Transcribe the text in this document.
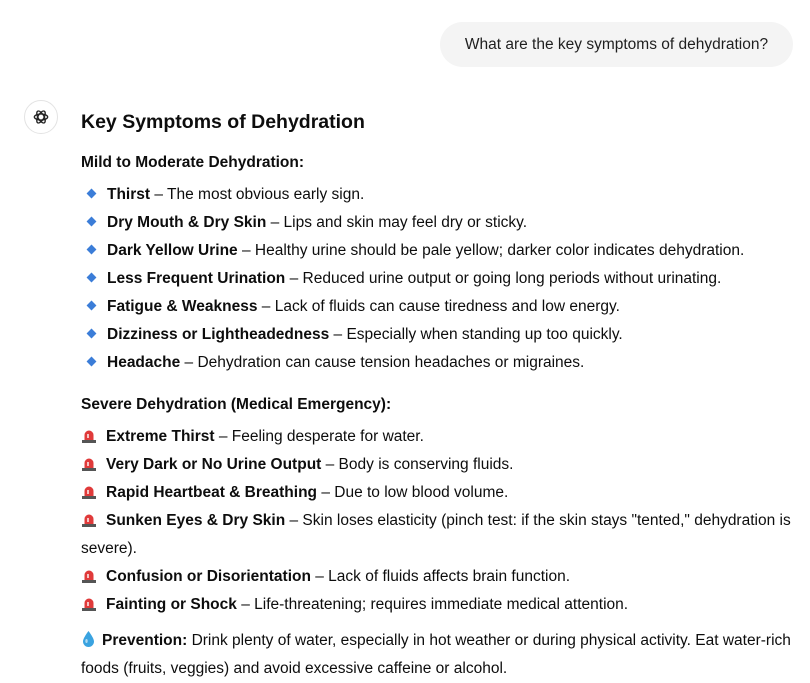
What are the key symptoms of dehydration?
Key Symptoms of Dehydration
Mild to Moderate Dehydration:
Thirst – The most obvious early sign.
Dry Mouth & Dry Skin – Lips and skin may feel dry or sticky.
Dark Yellow Urine – Healthy urine should be pale yellow; darker color indicates dehydration.
Less Frequent Urination – Reduced urine output or going long periods without urinating.
Fatigue & Weakness – Lack of fluids can cause tiredness and low energy.
Dizziness or Lightheadedness – Especially when standing up too quickly.
Headache – Dehydration can cause tension headaches or migraines.
Severe Dehydration (Medical Emergency):
Extreme Thirst – Feeling desperate for water.
Very Dark or No Urine Output – Body is conserving fluids.
Rapid Heartbeat & Breathing – Due to low blood volume.
Sunken Eyes & Dry Skin – Skin loses elasticity (pinch test: if the skin stays "tented," dehydration is severe).
Confusion or Disorientation – Lack of fluids affects brain function.
Fainting or Shock – Life-threatening; requires immediate medical attention.
Prevention: Drink plenty of water, especially in hot weather or during physical activity. Eat water-rich foods (fruits, veggies) and avoid excessive caffeine or alcohol.
